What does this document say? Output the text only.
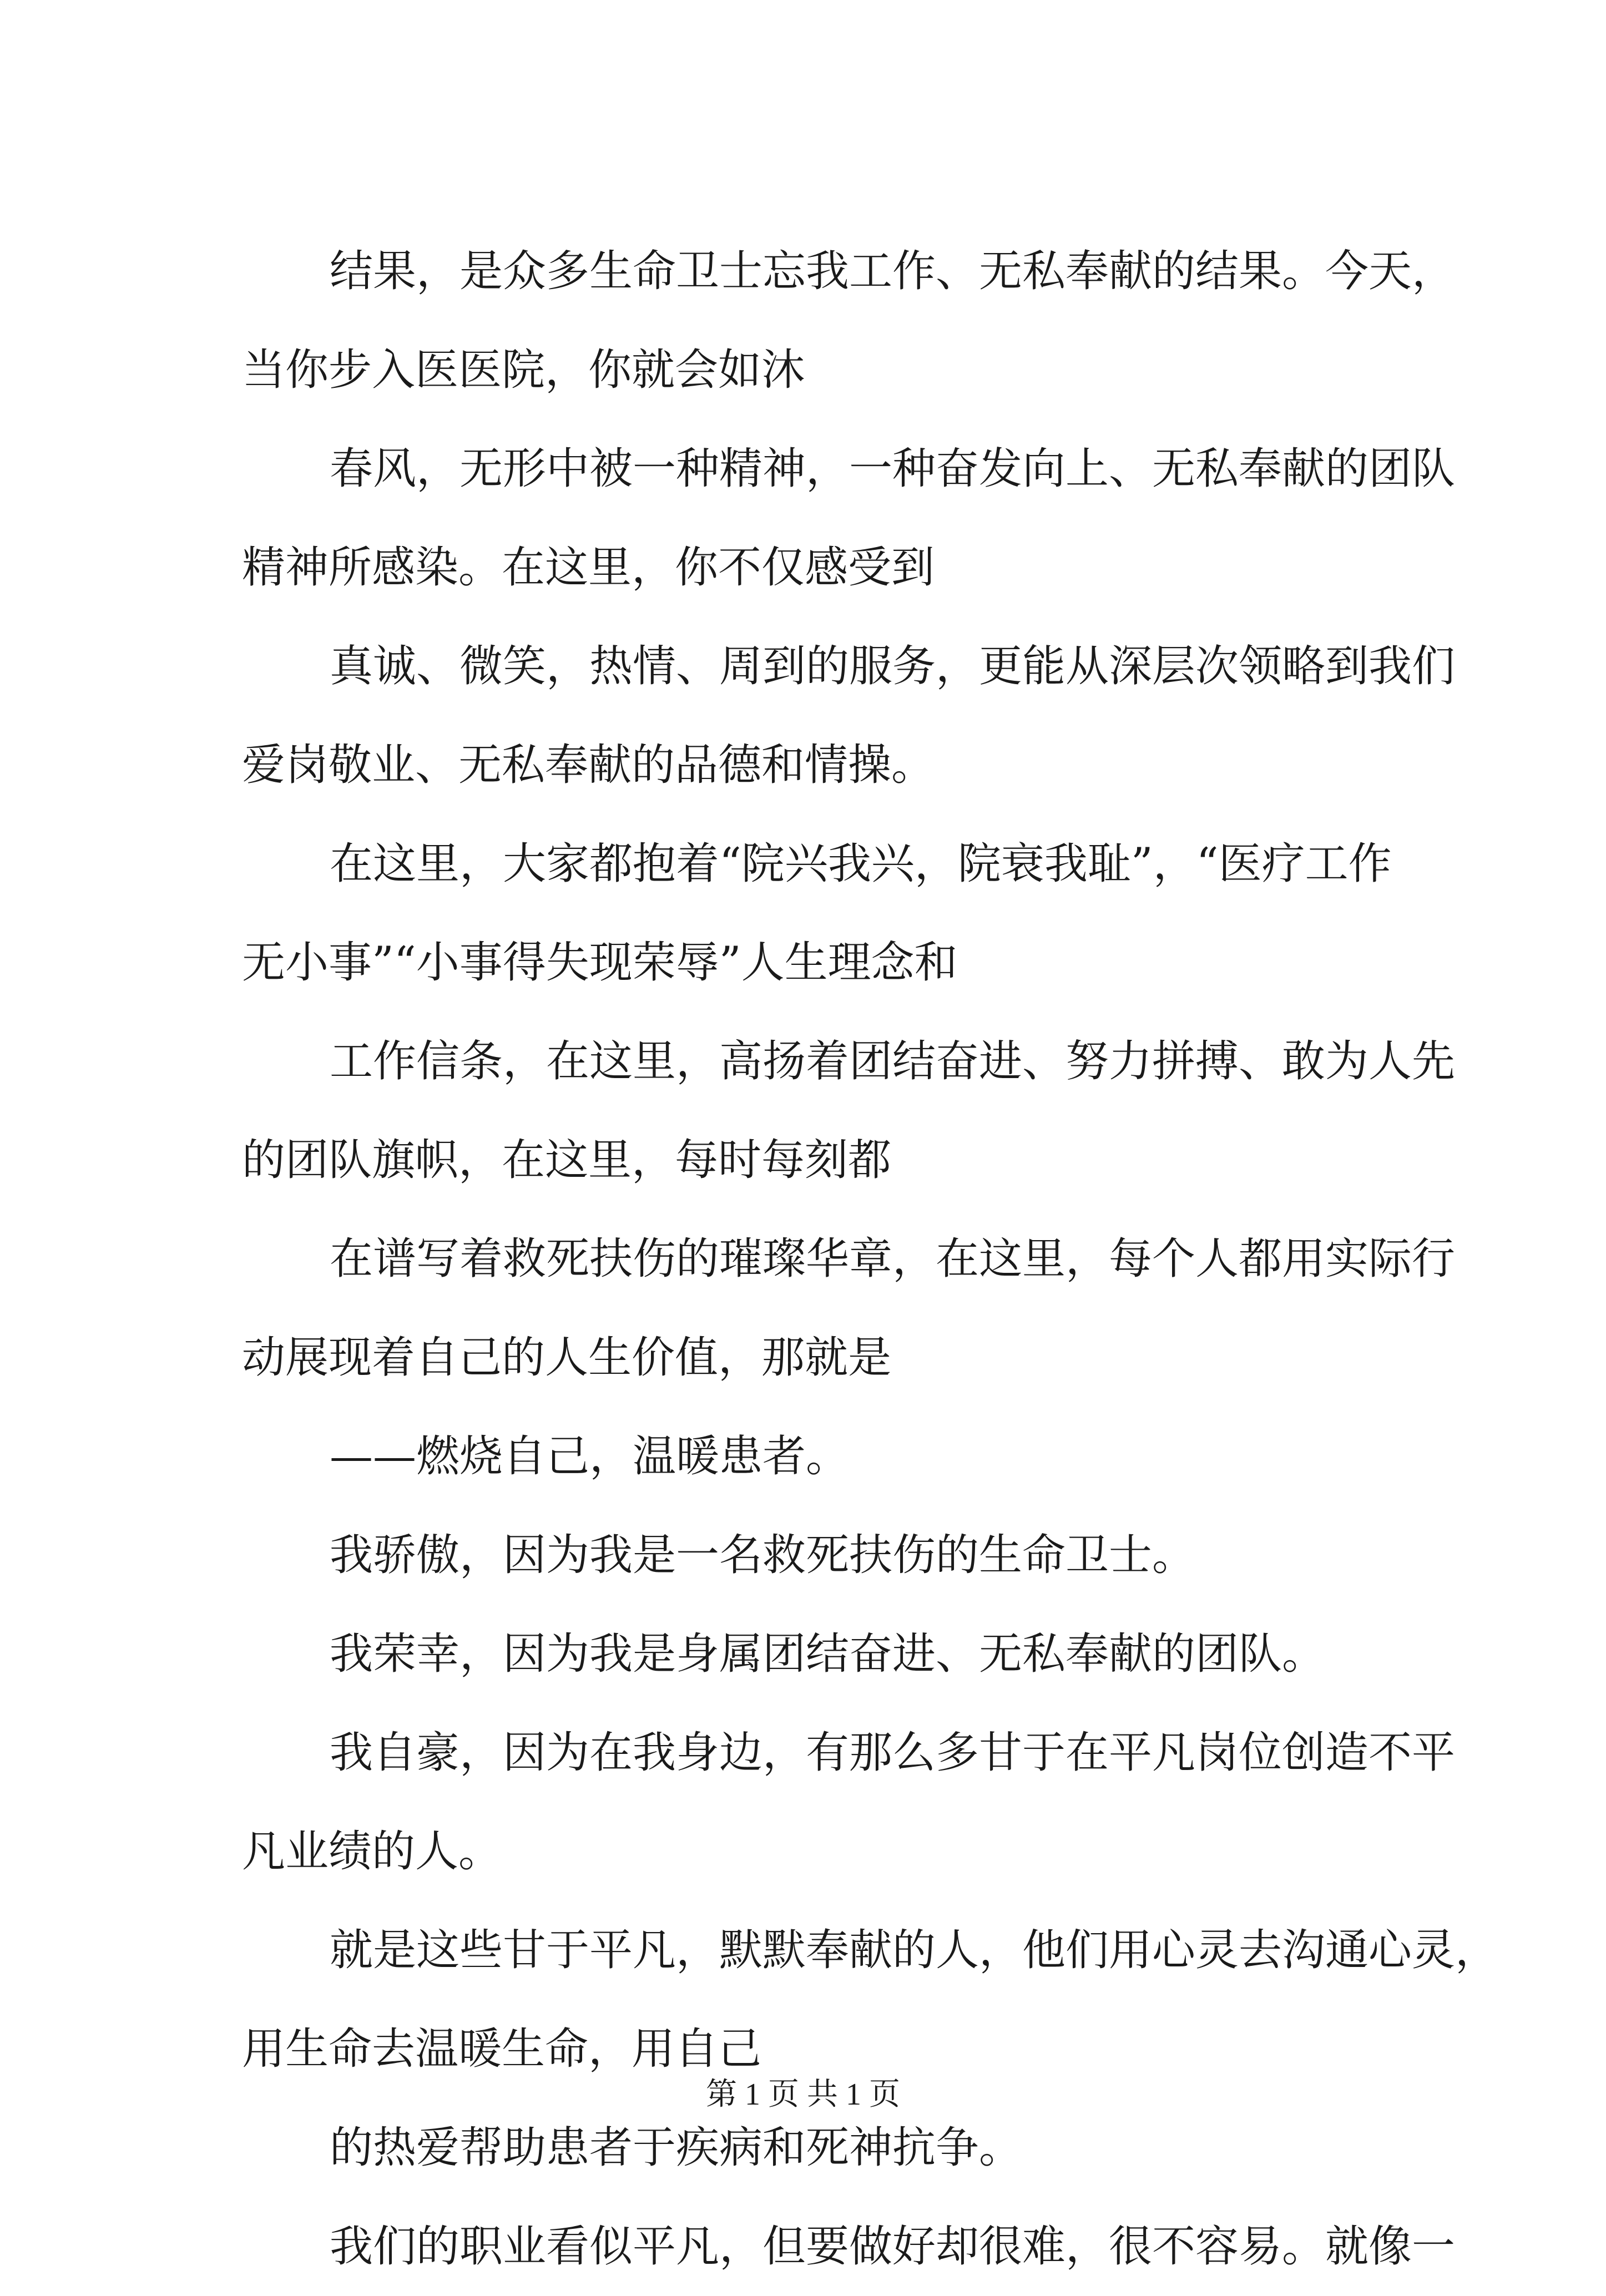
结果，是众多生命卫士忘我工作、无私奉献的结果。今天，
当你步入医医院，你就会如沐
春风，无形中被一种精神，一种奋发向上、无私奉献的团队
精神所感染。在这里，你不仅感受到
真诚、微笑，热情、周到的服务，更能从深层次领略到我们
爱岗敬业、无私奉献的品德和情操。
在这里，大家都抱着“院兴我兴，院衰我耻”，“医疗工作
无小事”“小事得失现荣辱”人生理念和
工作信条，在这里，高扬着团结奋进、努力拼搏、敢为人先
的团队旗帜，在这里，每时每刻都
在谱写着救死扶伤的璀璨华章，在这里，每个人都用实际行
动展现着自己的人生价值，那就是
——燃烧自己，温暖患者。
我骄傲，因为我是一名救死扶伤的生命卫士。
我荣幸，因为我是身属团结奋进、无私奉献的团队。
我自豪，因为在我身边，有那么多甘于在平凡岗位创造不平
凡业绩的人。
就是这些甘于平凡，默默奉献的人，他们用心灵去沟通心灵，
用生命去温暖生命，用自己
的热爱帮助患者于疾病和死神抗争。
我们的职业看似平凡，但要做好却很难，很不容易。就像一
第 1 页 共 1 页
